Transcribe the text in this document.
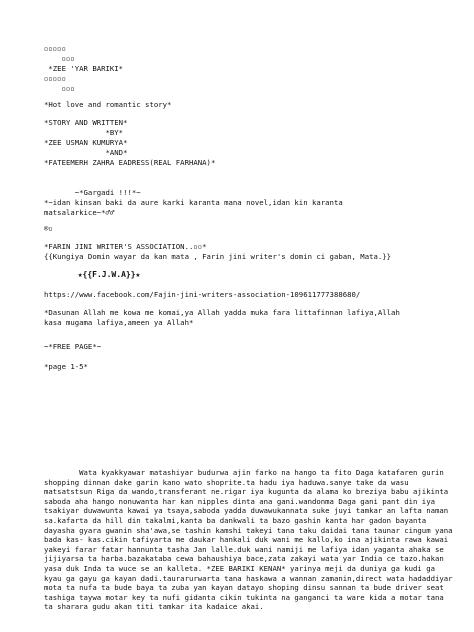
▫▫▫▫▫
▫▫▫
*ZEE 'YAR BARIKI*
▫▫▫▫▫
▫▫▫
*Hot love and romantic story*
*STORY AND WRITTEN*
*BY*
*ZEE USMAN KUMURYA*
*AND*
*FATEEMERH ZAHRA EADRESS(REAL FARHANA)*
~*Gargadi !!!*~
*~idan kinsan baki da aure karki karanta mana novel,idan kin karanta
matsalarkice~*♂♂
®▫
*FARIN JINI WRITER'S ASSOCIATION..▫▫*
{{Kungiya Domin wayar da kan mata , Farin jini writer's domin ci gaban, Mata.}}
★{{F.J.W.A}}★
https://www.facebook.com/Fajin-jini-writers-association-109611777388680/
*Dasunan Allah me kowa me komai,ya Allah yadda muka fara littafinnan lafiya,Allah
kasa mugama lafiya,ameen ya Allah*
~*FREE PAGE*~
*page 1-5*
Wata kyakkyawar matashiyar budurwa ajin farko na hango ta fito Daga katafaren gurin shopping dinnan dake garin kano wato shoprite.ta hadu iya haduwa.sanye take da wasu matsatstsun Riga da wando,transferant ne.rigar iya kugunta da alama ko breziya babu ajikinta saboda aha hango nonuwanta har kan nipples dinta ana gani.wandonma Daga gani pant din iya tsakiyar duwawunta kawai ya tsaya,saboda yadda duwawukannata suke juyi tamkar an lafta naman sa.kafarta da hill din takalmi,kanta ba dankwali ta bazo gashin kanta har gadon bayanta dayasha gyara gwanin sha'awa,se tashin kamshi takeyi tana taku daidai tana taunar cingum yana bada kas- kas.cikin tafiyarta me daukar hankali duk wani me kallo,ko ina ajikinta rawa kawai yakeyi farar fatar hannunta tasha Jan lalle.duk wani namiji me lafiya idan yaganta ahaka se jijiyarsa ta harba.bazakataba cewa bahaushiya bace,zata zakayi wata yar India ce tazo.hakan yasa duk Inda ta wuce se an kalleta. *ZEE BARIKI KENAN* yarinya meji da duniya ga kudi ga kyau ga gayu ga kayan dadi.taurarurwarta tana haskawa a wannan zamanin,direct wata hadaddiyar mota ta nufa ta bude baya ta zuba yan kayan datayo shoping dinsu sannan ta bude driver seat tashiga taywa motar key ta nufi gidanta cikin tukinta na ganganci ta ware kida a motar tana ta sharara gudu akan titi tamkar ita kadaice akai.
